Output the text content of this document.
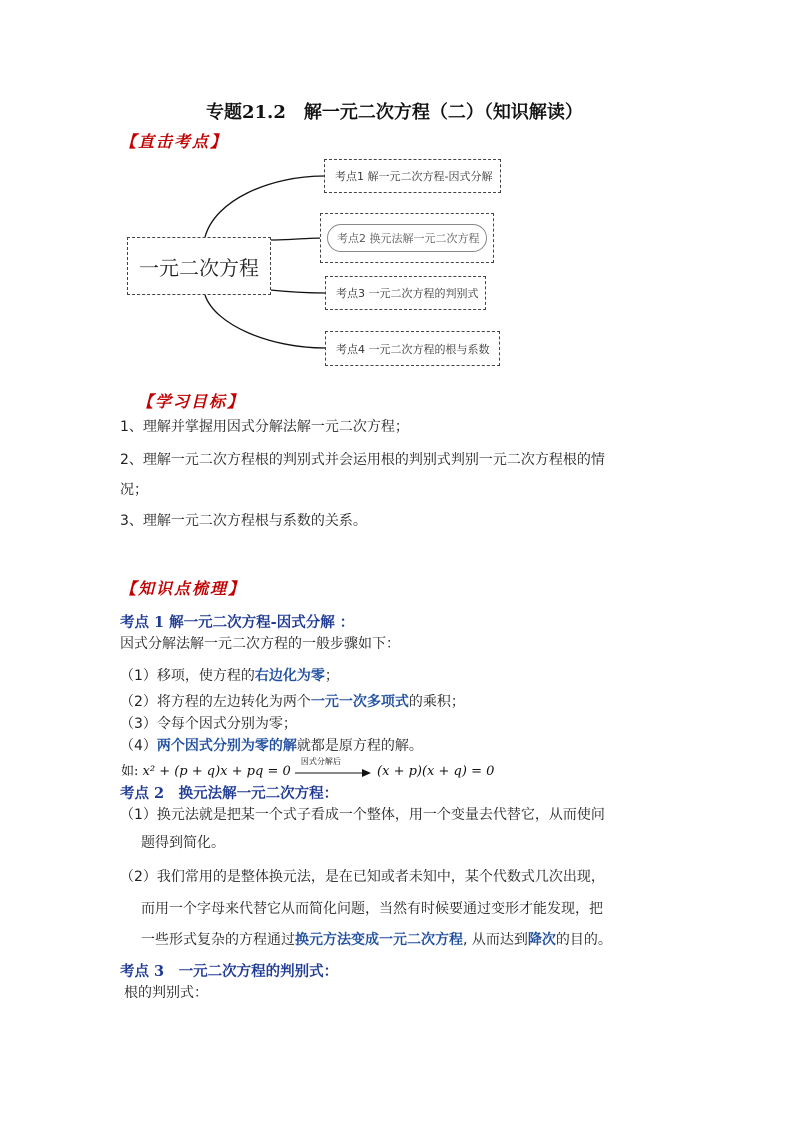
专题21.2　解一元二次方程（二）（知识解读）
【直击考点】
一元二次方程
考点1 解一元二次方程-因式分解
考点2 换元法解一元二次方程
考点3 一元二次方程的判别式
考点4 一元二次方程的根与系数
【学习目标】
1、理解并掌握用因式分解法解一元二次方程；
2、理解一元二次方程根的判别式并会运用根的判别式判别一元二次方程根的情
况；
3、理解一元二次方程根与系数的关系。
【知识点梳理】
考点 1 解一元二次方程-因式分解 ：
因式分解法解一元二次方程的一般步骤如下：
（1）移项，使方程的右边化为零；
（2）将方程的左边转化为两个一元一次多项式的乘积；
（3）令每个因式分别为零；
（4）两个因式分别为零的解就都是原方程的解。
如: x² + (p + q)x + pq = 0
因式分解后
(x + p)(x + q) = 0
考点 2　换元法解一元二次方程：
（1）换元法就是把某一个式子看成一个整体，用一个变量去代替它，从而使问
题得到简化。
（2）我们常用的是整体换元法，是在已知或者未知中，某个代数式几次出现，
而用一个字母来代替它从而简化问题，当然有时候要通过变形才能发现，把
一些形式复杂的方程通过换元方法变成一元二次方程, 从而达到降次的目的。
考点 3　一元二次方程的判别式：
根的判别式：
